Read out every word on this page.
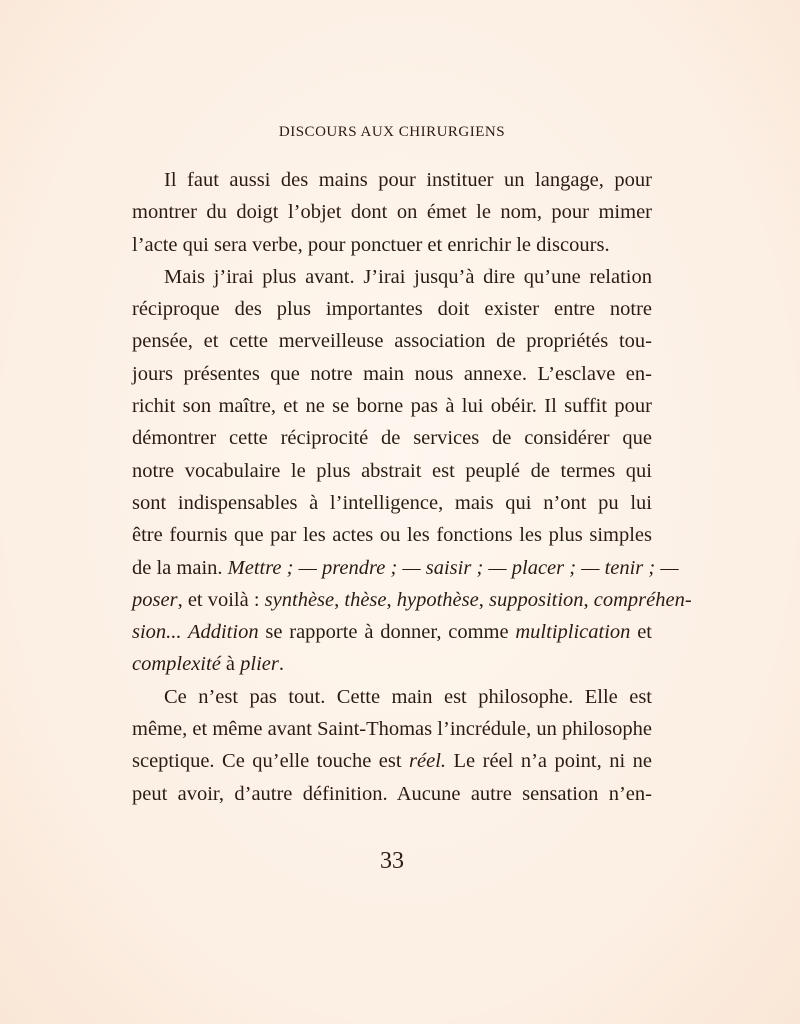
DISCOURS AUX CHIRURGIENS

Il faut aussi des mains pour instituer un langage, pour
montrer du doigt l’objet dont on émet le nom, pour mimer
l’acte qui sera verbe, pour ponctuer et enrichir le discours.

Mais j’irai plus avant. J’irai jusqu’à dire qu’une relation
réciproque des plus importantes doit exister entre notre
pensée, et cette merveilleuse association de propriétés tou-
jours présentes que notre main nous annexe. L’esclave en-
richit son maître, et ne se borne pas à lui obéir. Il suffit pour
démontrer cette réciprocité de services de considérer que
notre vocabulaire le plus abstrait est peuplé de termes qui
sont indispensables à l’intelligence, mais qui n’ont pu lui
être fournis que par les actes ou les fonctions les plus simples
de la main. Mettre ; — prendre ; — saisir ; — placer ; — tenir ; —
poser, et voilà : synthèse, thèse, hypothèse, supposition, compréhen-
sion... Addition se rapporte à donner, comme multiplication et
complexité à plier.

Ce n’est pas tout. Cette main est philosophe. Elle est
même, et même avant Saint-Thomas l’incrédule, un philosophe
sceptique. Ce qu’elle touche est réel. Le réel n’a point, ni ne
peut avoir, d’autre définition. Aucune autre sensation n’en-

33
